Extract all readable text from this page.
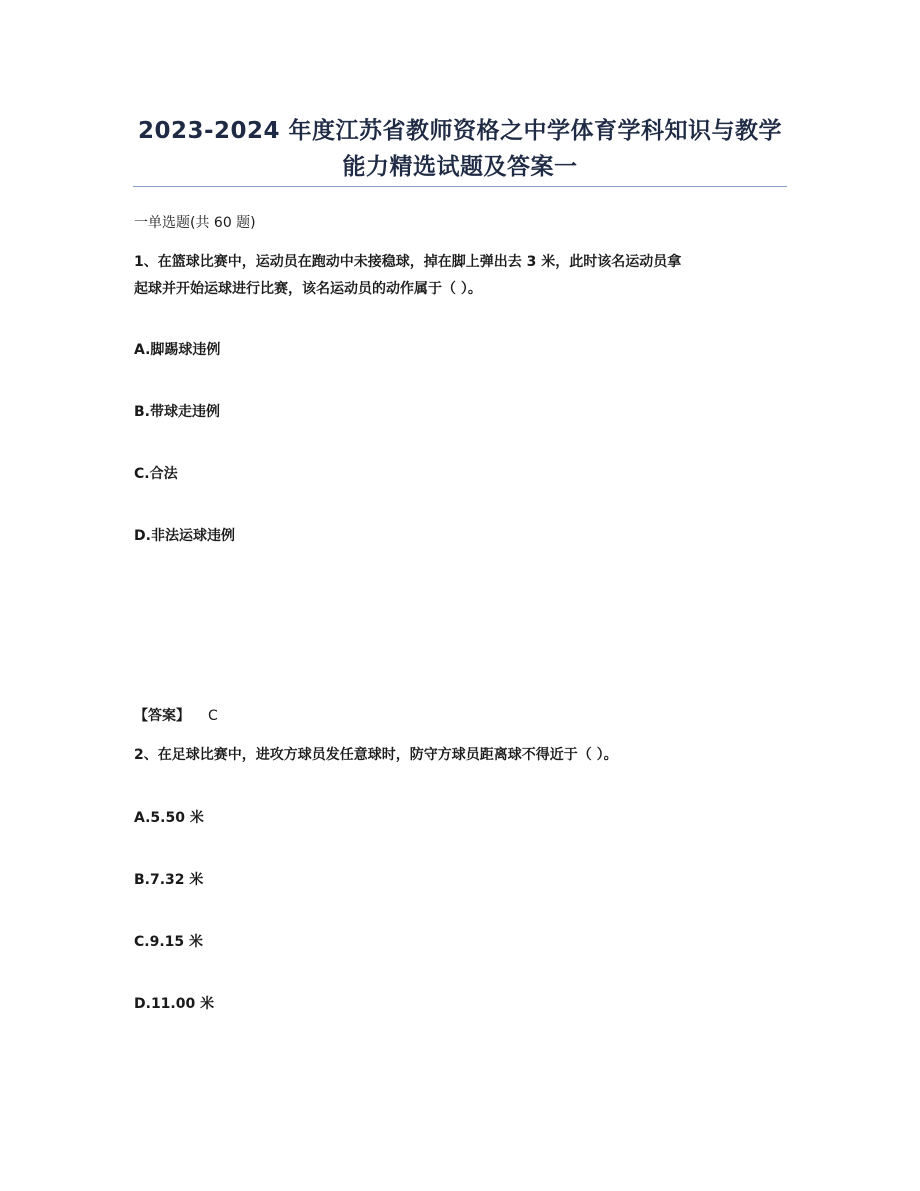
2023-2024 年度江苏省教师资格之中学体育学科知识与教学
能力精选试题及答案一
一单选题(共 60 题)
1、在篮球比赛中，运动员在跑动中未接稳球，掉在脚上弹出去 3 米，此时该名运动员拿
起球并开始运球进行比赛，该名运动员的动作属于（ ）。
A.脚踢球违例
B.带球走违例
C.合法
D.非法运球违例
【答案】 C
2、在足球比赛中，进攻方球员发任意球时，防守方球员距离球不得近于（ ）。
A.5.50 米
B.7.32 米
C.9.15 米
D.11.00 米
